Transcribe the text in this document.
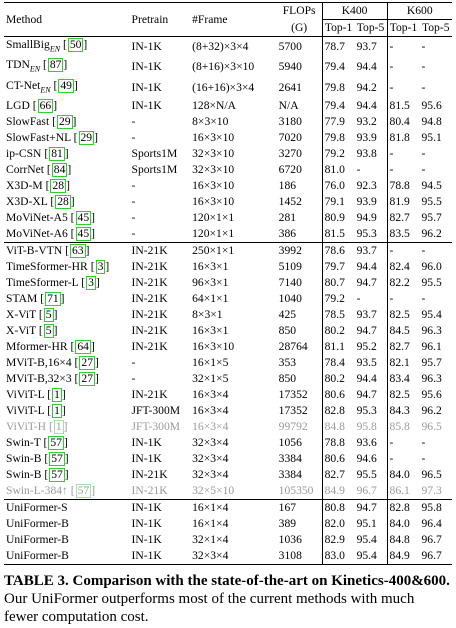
Method	Pretrain	#Frame	FLOPs	K400		K600	
			(G)	Top-1	Top-5	Top-1	Top-5
SmallBig$_{EN}$ [ 50 ]	IN-1K	(8+32)×3×4	5700	78.7	93.7	-	-
$TDN_{EN}$ [ 87 ]	IN-1K	(8+16)×3×10	5940	79.4	94.4	-	-
CT-Net$_{EN}$ [ 49 ]	IN-1K	(16+16)×3×4	2641	79.8	94.2	-	-
LGD [ 66 ]	IN-1K	128×N/A	N/A	79.4	94.4	81.5	95.6
SlowFast [ 29 ]	-	8×3×10	3180	77.9	93.2	80.4	94.8
SlowFast+NL [ 29 ]	-	16×3×10	7020	79.8	93.9	81.8	95.1
ip-CSN [ 81 ]	Sports1M	32×3×10	3270	79.2	93.8	-	-
CorrNet [ 84 ]	Sports1M	32×3×10	6720	81.0	-	-	-
X3D-M [ 28 ]	-	16×3×10	186	76.0	92.3	78.8	94.5
X3D-XL [ 28 ]	-	16×3×10	1452	79.1	93.9	81.9	95.5
MoViNet-A5 [ 45 ]	-	120×1×1	281	80.9	94.9	82.7	95.7
MoViNet-A6 [ 45 ]	-	120×1×1	386	81.5	95.3	83.5	96.2
ViT-B-VTN [ 63 ]	IN-21K	250×1×1	3992	78.6	93.7	-	-
TimeSformer-HR [ 3 ]	IN-21K	16×3×1	5109	79.7	94.4	82.4	96.0
TimeSformer-L [ 3 ]	IN-21K	96×3×1	7140	80.7	94.7	82.2	95.5
STAM [ 71 ]	IN-21K	64×1×1	1040	79.2	-	-	-
X-ViT [ 5 ]	IN-21K	8×3×1	425	78.5	93.7	82.5	95.4
X-ViT [ 5 ]	IN-21K	16×3×1	850	80.2	94.7	84.5	96.3
Mformer-HR [ 64 ]	IN-21K	16×3×10	28764	81.1	95.2	82.7	96.1
MViT-B,16×4 [ 27 ]	-	16×1×5	353	78.4	93.5	82.1	95.7
MViT-B,32×3 [ 27 ]	-	32×1×5	850	80.2	94.4	83.4	96.3
ViViT-L [ 1 ]	IN-21K	16×3×4	17352	80.6	94.7	82.5	95.6
ViViT-L [ 1 ]	JFT-300M	16×3×4	17352	82.8	95.3	84.3	96.2
ViViT-H [ 1 ]	JFT-300M	16×3×4	99792	84.8	95.8	85.8	96.5
Swin-T [ 57 ]	IN-1K	32×3×4	1056	78.8	93.6	-	-
Swin-B [ 57 ]	IN-1K	32×3×4	3384	80.6	94.6	-	-
Swin-B [ 57 ]	IN-21K	32×3×4	3384	82.7	95.5	84.0	96.5
Swin-L-384↑ [ 57 ]	IN-21K	32×5×10	105350	84.9	96.7	86.1	97.3
UniFormer-S	IN-1K	16×1×4	167	80.8	94.7	82.8	95.8
UniFormer-B	IN-1K	16×1×4	389	82.0	95.1	84.0	96.4
UniFormer-B	IN-1K	32×1×4	1036	82.9	95.4	84.8	96.7
UniFormer-B	IN-1K	32×3×4	3108	83.0	95.4	84.9	96.7
TABLE 3. Comparison with the state-of-the-art on Kinetics-400&600. Our UniFormer outperforms most of the current methods with much fewer computation cost.
